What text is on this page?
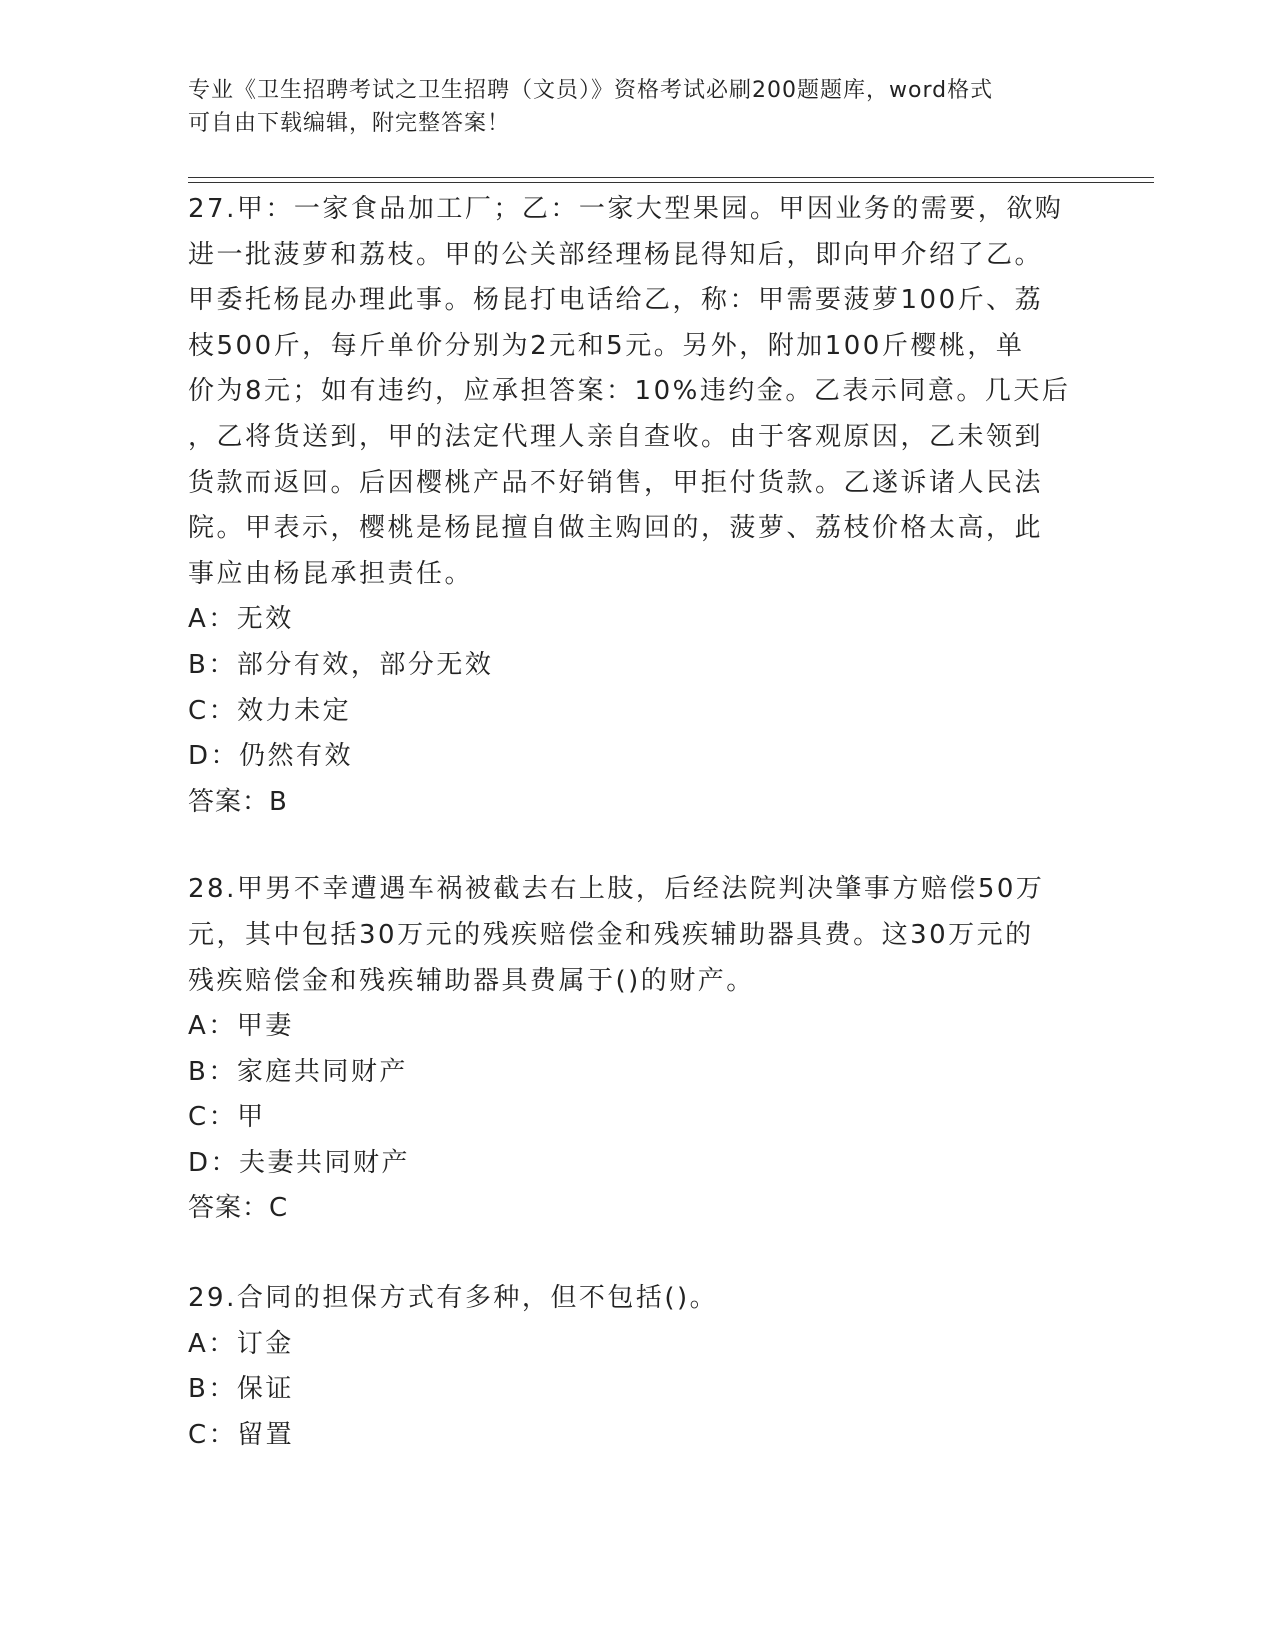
专业《卫生招聘考试之卫生招聘（文员）》资格考试必刷200题题库，word格式
可自由下载编辑，附完整答案！
27.甲：一家食品加工厂；乙：一家大型果园。甲因业务的需要，欲购
进一批菠萝和荔枝。甲的公关部经理杨昆得知后，即向甲介绍了乙。
甲委托杨昆办理此事。杨昆打电话给乙，称：甲需要菠萝100斤、荔
枝500斤，每斤单价分别为2元和5元。另外，附加100斤樱桃，单
价为8元；如有违约，应承担答案：10%违约金。乙表示同意。几天后
，乙将货送到，甲的法定代理人亲自查收。由于客观原因，乙未领到
货款而返回。后因樱桃产品不好销售，甲拒付货款。乙遂诉诸人民法
院。甲表示，樱桃是杨昆擅自做主购回的，菠萝、荔枝价格太高，此
事应由杨昆承担责任。
A：无效
B：部分有效，部分无效
C：效力未定
D：仍然有效
答案：B
28.甲男不幸遭遇车祸被截去右上肢，后经法院判决肇事方赔偿50万
元，其中包括30万元的残疾赔偿金和残疾辅助器具费。这30万元的
残疾赔偿金和残疾辅助器具费属于()的财产。
A：甲妻
B：家庭共同财产
C：甲
D：夫妻共同财产
答案：C
29.合同的担保方式有多种，但不包括()。
A：订金
B：保证
C：留置
